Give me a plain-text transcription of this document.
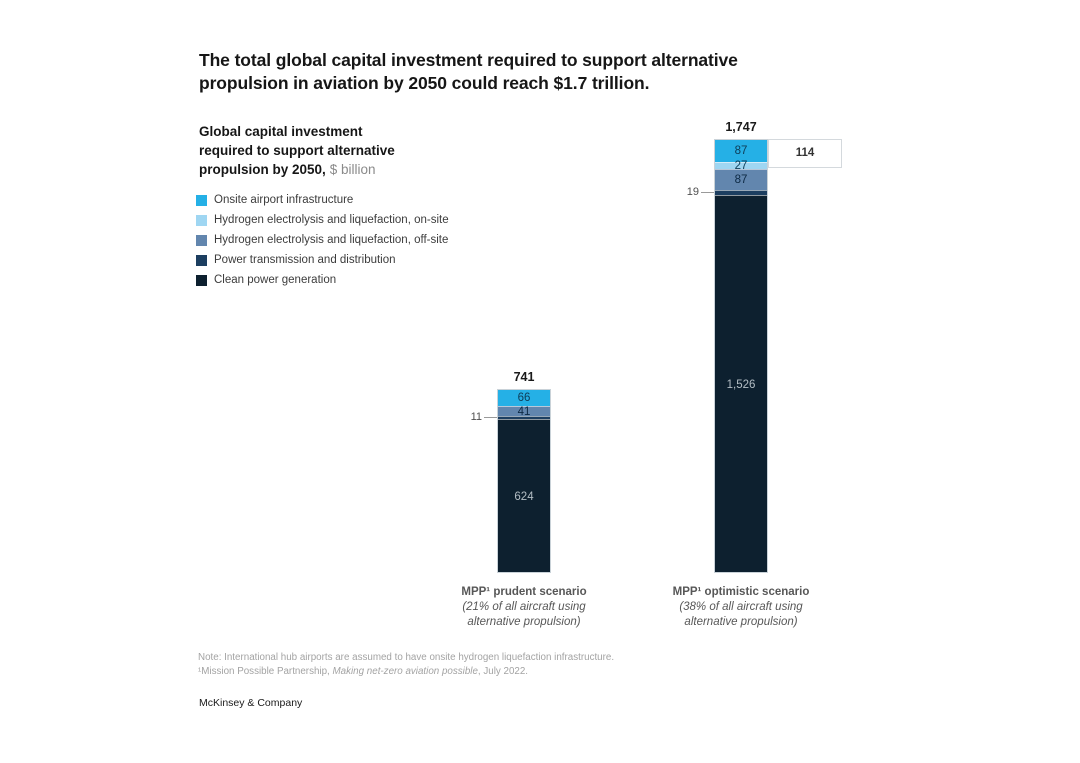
The total global capital investment required to support alternative
propulsion in aviation by 2050 could reach $1.7 trillion.
Global capital investment
required to support alternative
propulsion by 2050, $ billion
Onsite airport infrastructure
Hydrogen electrolysis and liquefaction, on-site
Hydrogen electrolysis and liquefaction, off-site
Power transmission and distribution
Clean power generation
66
41
624
11
741
MPP¹ prudent scenario
(21% of all aircraft using
alternative propulsion)
87
27
87
1,526
19
1,747
MPP¹ optimistic scenario
(38% of all aircraft using
alternative propulsion)
114
Note: International hub airports are assumed to have onsite hydrogen liquefaction infrastructure.
¹Mission Possible Partnership, Making net-zero aviation possible, July 2022.
McKinsey & Company
